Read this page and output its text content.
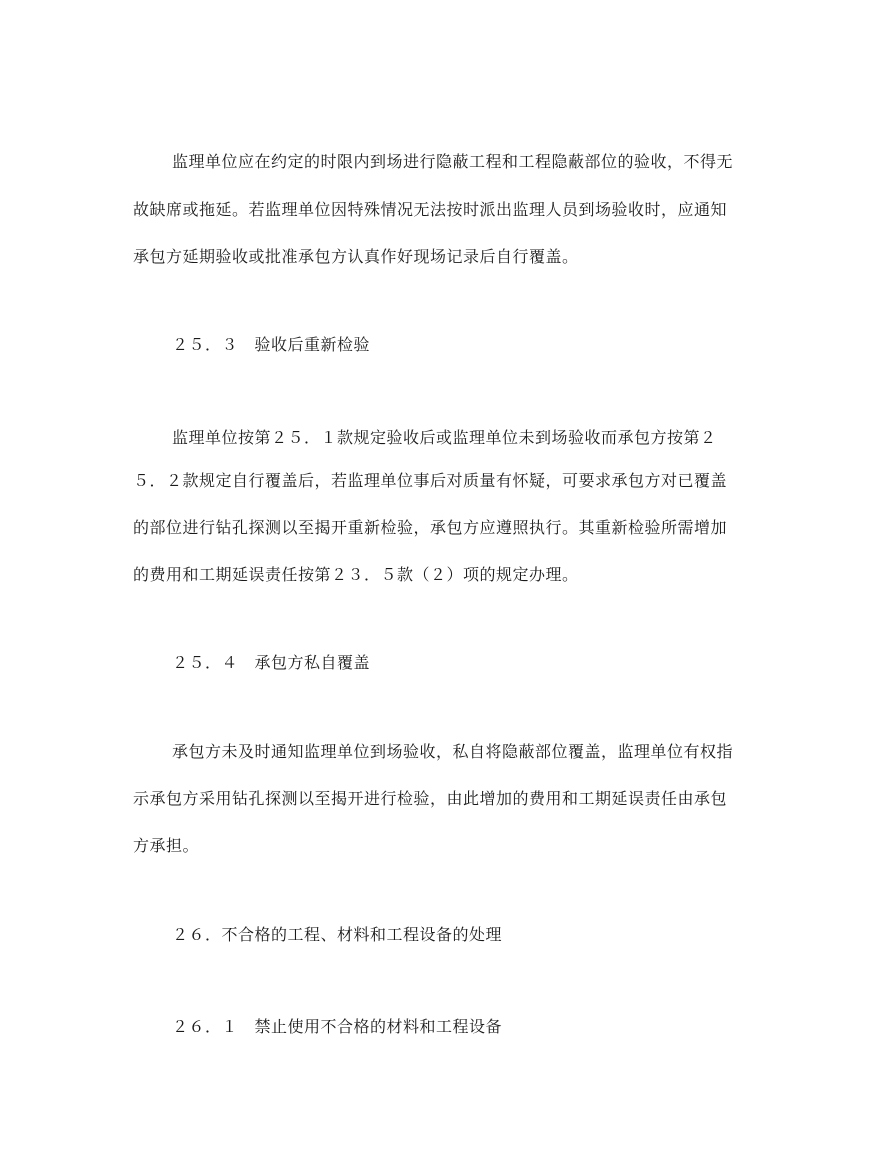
监理单位应在约定的时限内到场进行隐蔽工程和工程隐蔽部位的验收，不得无
故缺席或拖延。若监理单位因特殊情况无法按时派出监理人员到场验收时，应通知
承包方延期验收或批准承包方认真作好现场记录后自行覆盖。
２５．３　验收后重新检验
监理单位按第２５．１款规定验收后或监理单位未到场验收而承包方按第２
５．２款规定自行覆盖后，若监理单位事后对质量有怀疑，可要求承包方对已覆盖
的部位进行钻孔探测以至揭开重新检验，承包方应遵照执行。其重新检验所需增加
的费用和工期延误责任按第２３．５款（２）项的规定办理。
２５．４　承包方私自覆盖
承包方未及时通知监理单位到场验收，私自将隐蔽部位覆盖，监理单位有权指
示承包方采用钻孔探测以至揭开进行检验，由此增加的费用和工期延误责任由承包
方承担。
２６．不合格的工程、材料和工程设备的处理
２６．１　禁止使用不合格的材料和工程设备
